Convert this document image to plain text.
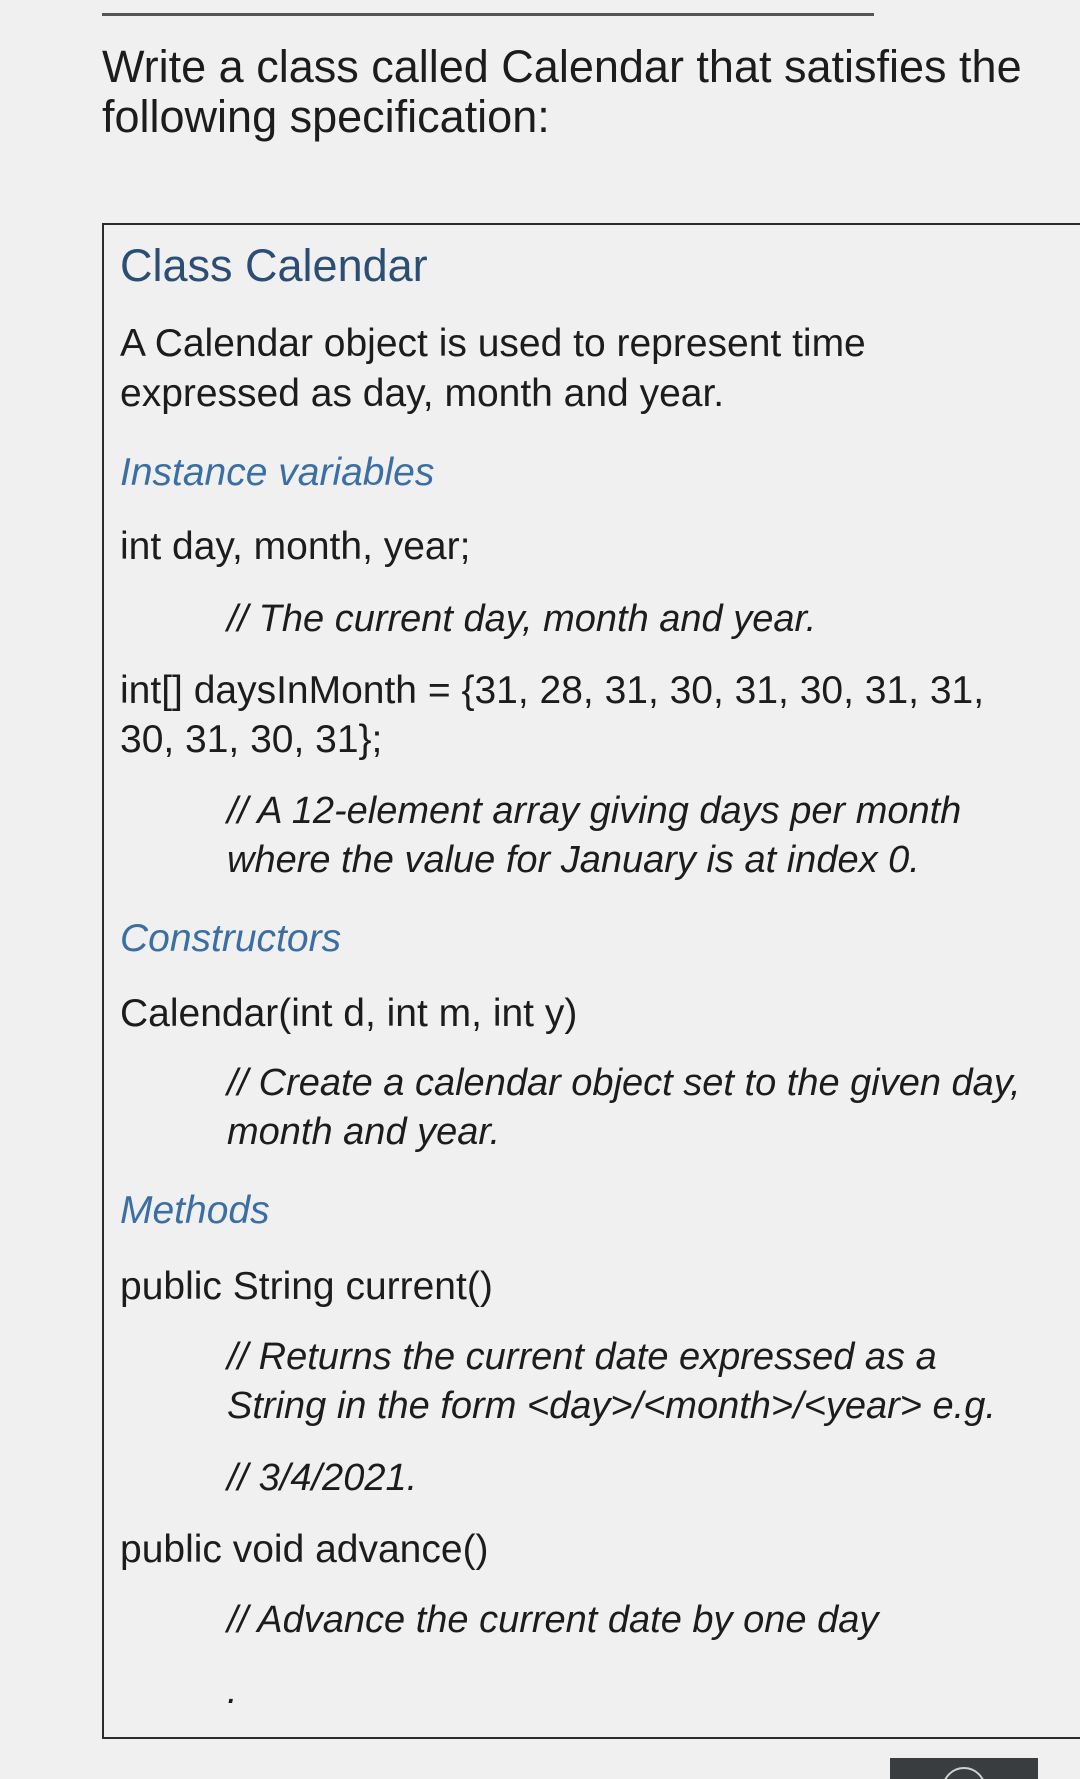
Write a class called Calendar that satisfies the
following specification:
Class Calendar

A Calendar object is used to represent time

expressed as day, month and year.

Instance variables

int day, month, year;

// The current day, month and year.

int[] daysInMonth = {31, 28, 31, 30, 31, 30, 31, 31,

30, 31, 30, 31};

// A 12-element array giving days per month

where the value for January is at index 0.

Constructors

Calendar(int d, int m, int y)

// Create a calendar object set to the given day,

month and year.

Methods

public String current()

// Returns the current date expressed as a

String in the form <day>/<month>/<year> e.g.

// 3/4/2021.

public void advance()

// Advance the current date by one day

.
